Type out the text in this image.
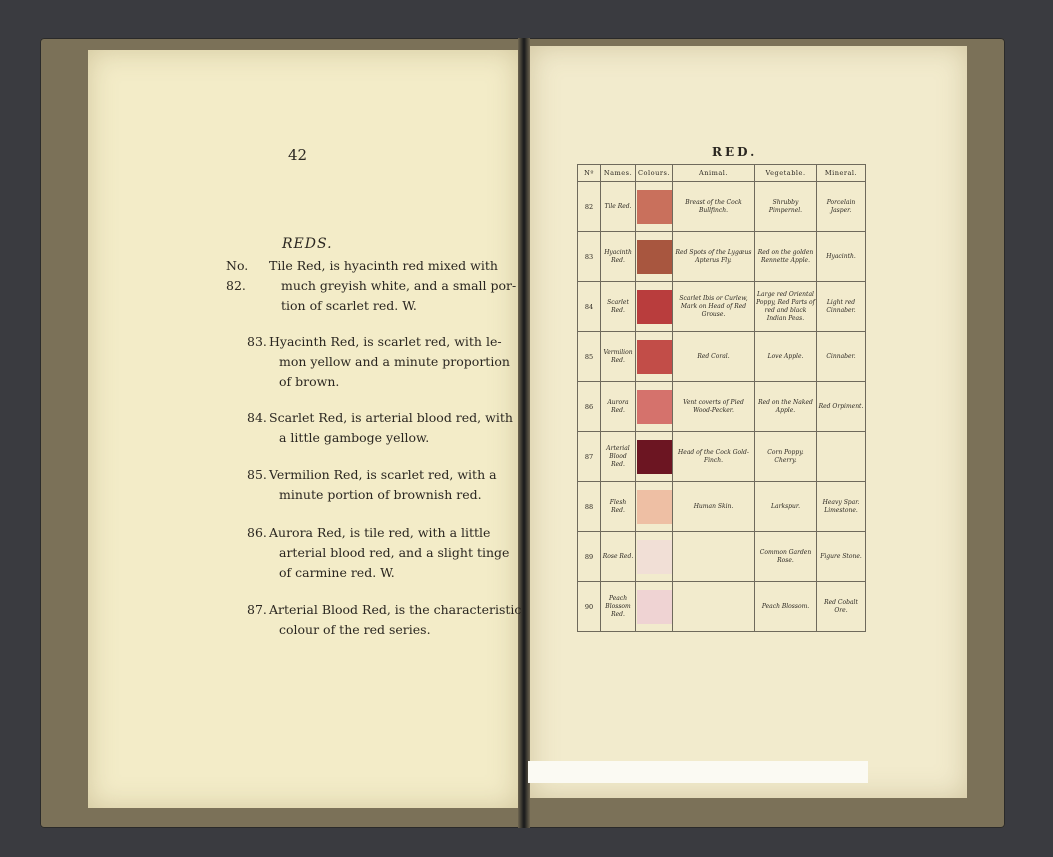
42
REDS.
No. 82.
Tile Red, is hyacinth red mixed with
much greyish white, and a small por-
tion of scarlet red. W.
83. Hyacinth Red, is scarlet red, with le-
mon yellow and a minute proportion
of brown.
84. Scarlet Red, is arterial blood red, with
a little gamboge yellow.
85. Vermilion Red, is scarlet red, with a
minute portion of brownish red.
86. Aurora Red, is tile red, with a little
arterial blood red, and a slight tinge
of carmine red. W.
87. Arterial Blood Red, is the characteristic
colour of the red series.
RED.
Nº	Names.	Colours.	Animal.	Vegetable.	Mineral.
82	Tile Red.		Breast of the Cock Bullfinch.	Shrubby Pimpernel.	Porcelain Jasper.
83	Hyacinth Red.		Red Spots of the Lygæus Apterus Fly.	Red on the golden Rennette Apple.	Hyacinth.
84	Scarlet Red.		Scarlet Ibis or Curlew, Mark on Head of Red Grouse.	Large red Oriental Poppy, Red Parts of red and black Indian Peas.	Light red Cinnaber.
85	Vermilion Red.		Red Coral.	Love Apple.	Cinnaber.
86	Aurora Red.		Vent coverts of Pied Wood-Pecker.	Red on the Naked Apple.	Red Orpiment.
87	Arterial Blood Red.		Head of the Cock Gold-Finch.	Corn Poppy. Cherry.	
88	Flesh Red.		Human Skin.	Larkspur.	Heavy Spar. Limestone.
89	Rose Red.			Common Garden Rose.	Figure Stone.
90	Peach Blossom Red.			Peach Blossom.	Red Cobalt Ore.
